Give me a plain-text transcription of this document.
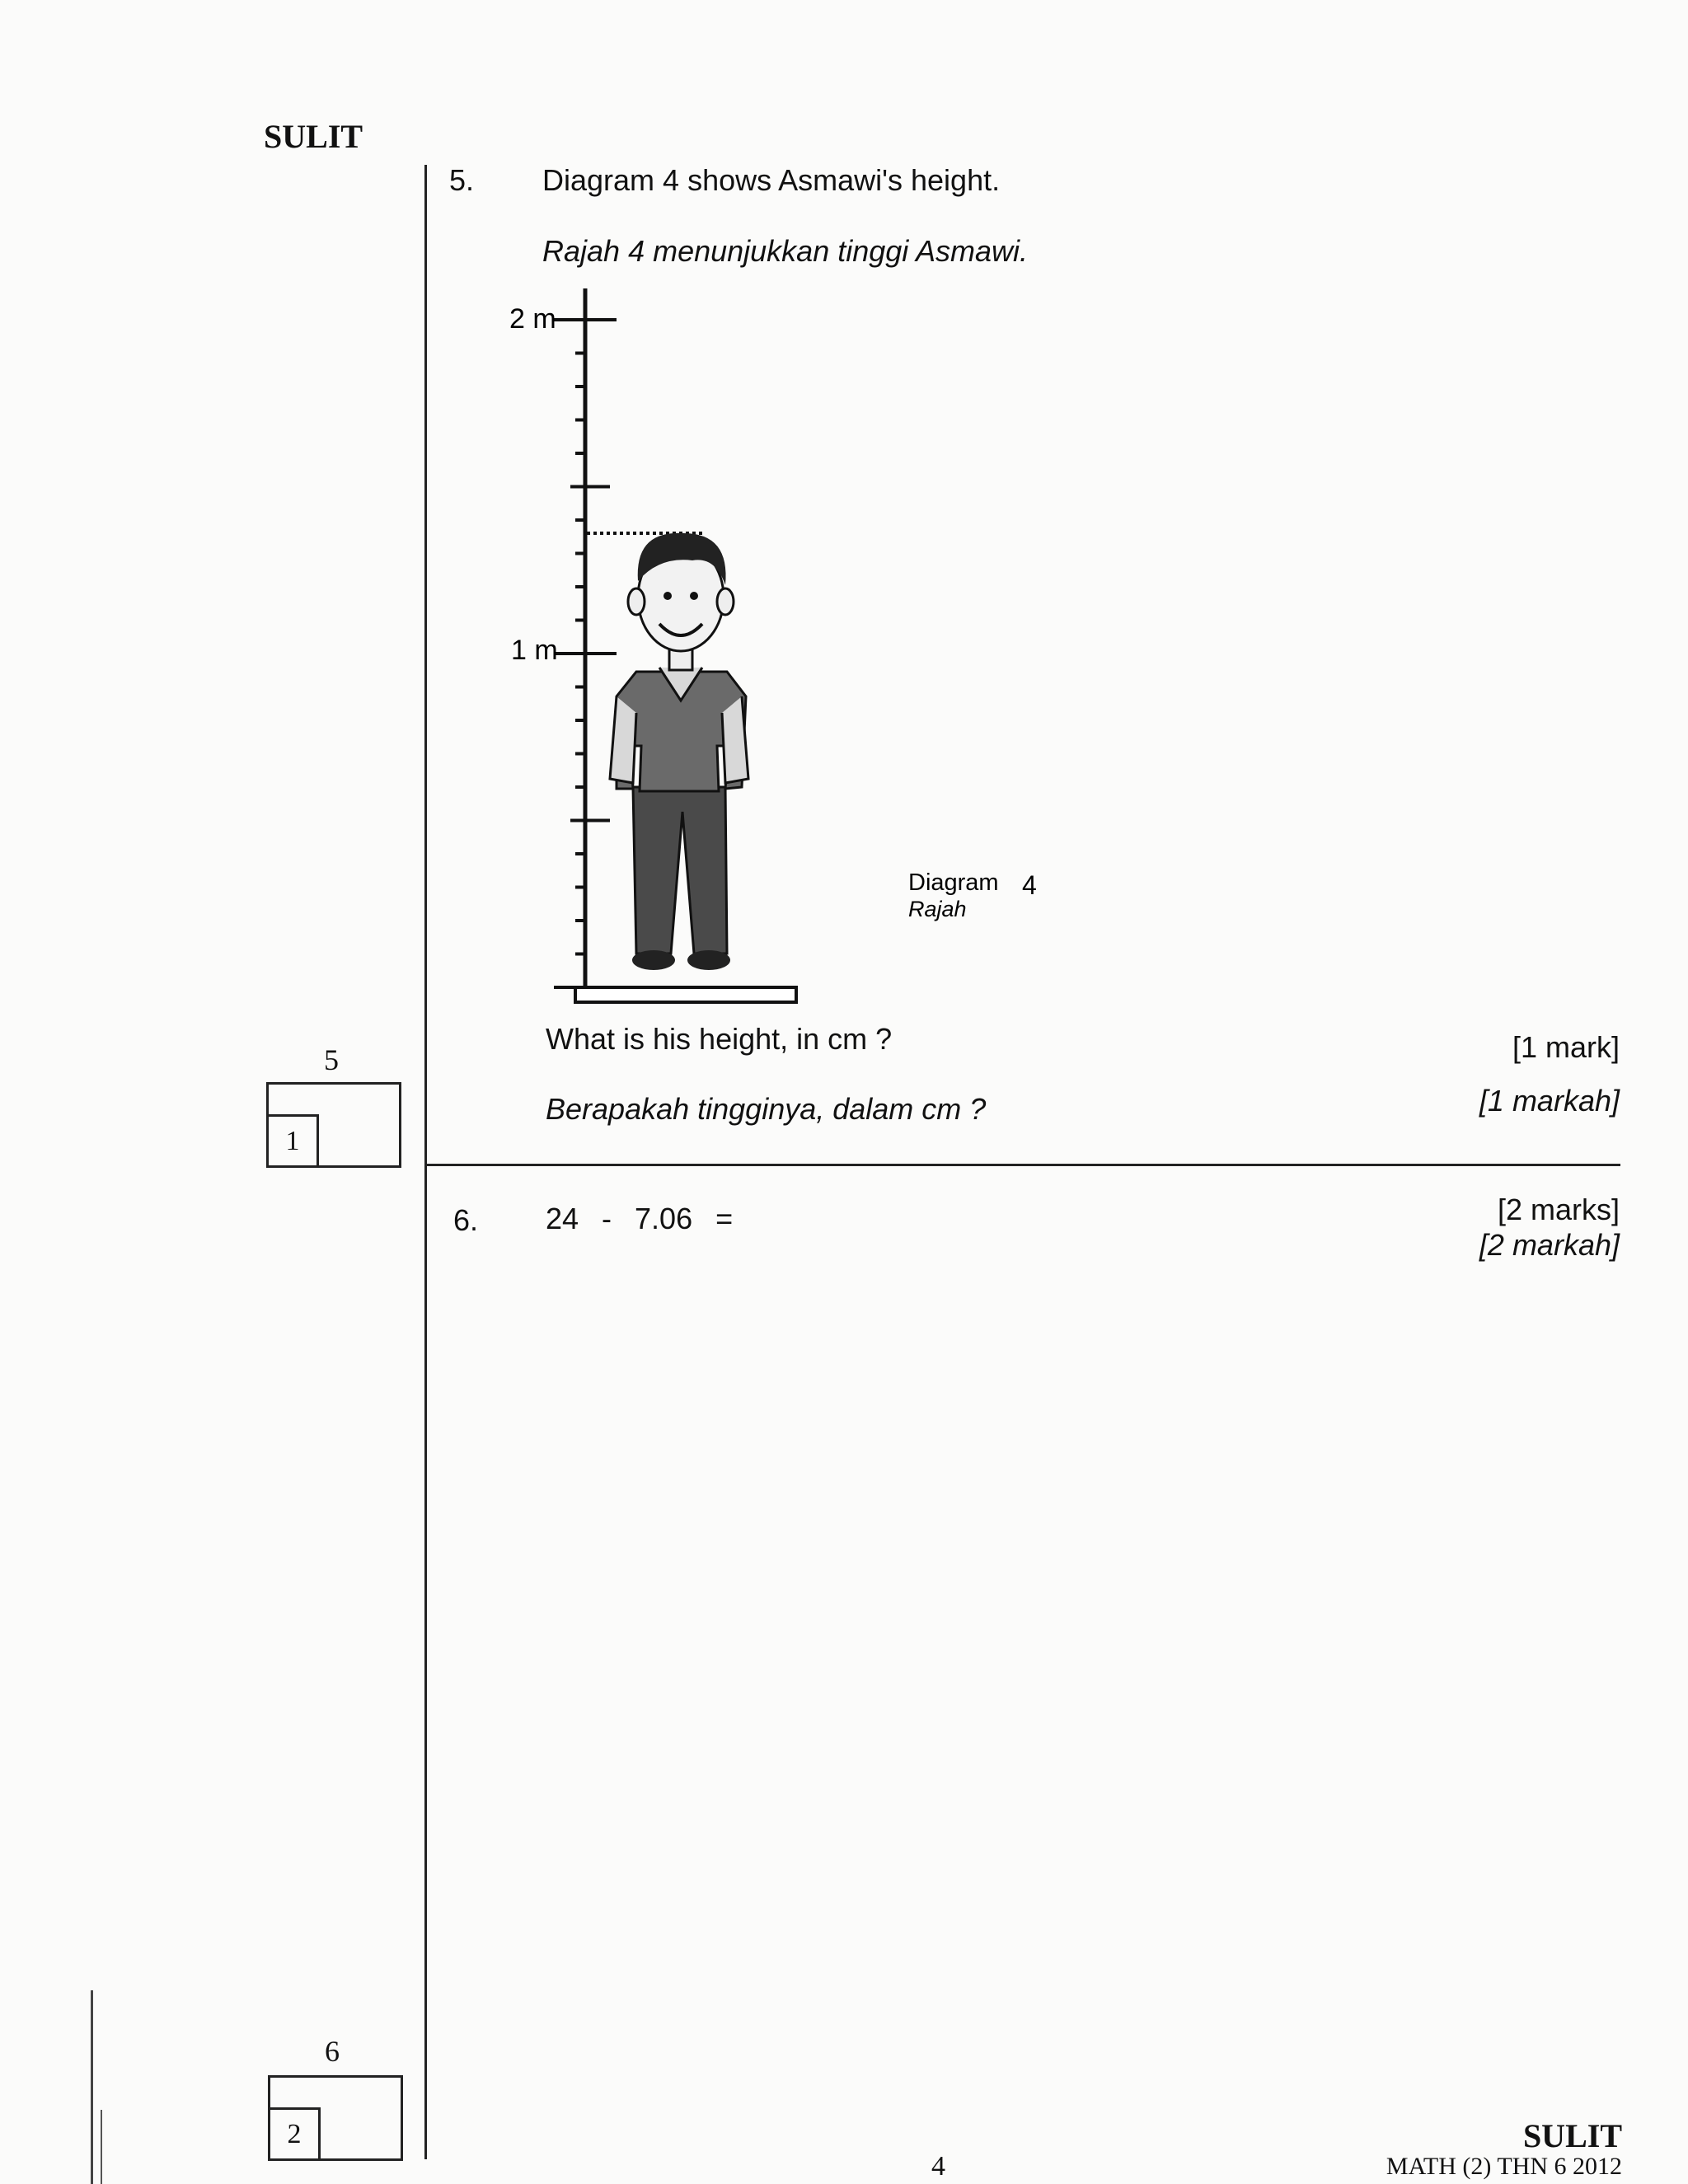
SULIT
5. Diagram 4 shows Asmawi's height.
Rajah 4 menunjukkan tinggi Asmawi.
2 m
1 m
Diagram
Rajah
4
What is his height, in cm ?
Berapakah tingginya, dalam cm ?
[1 mark]
[1 markah]
5
1
6. 24 - 7.06 =	[2 marks]
[2 markah]
6
2
4
SULIT
MATH (2) THN 6 2012
